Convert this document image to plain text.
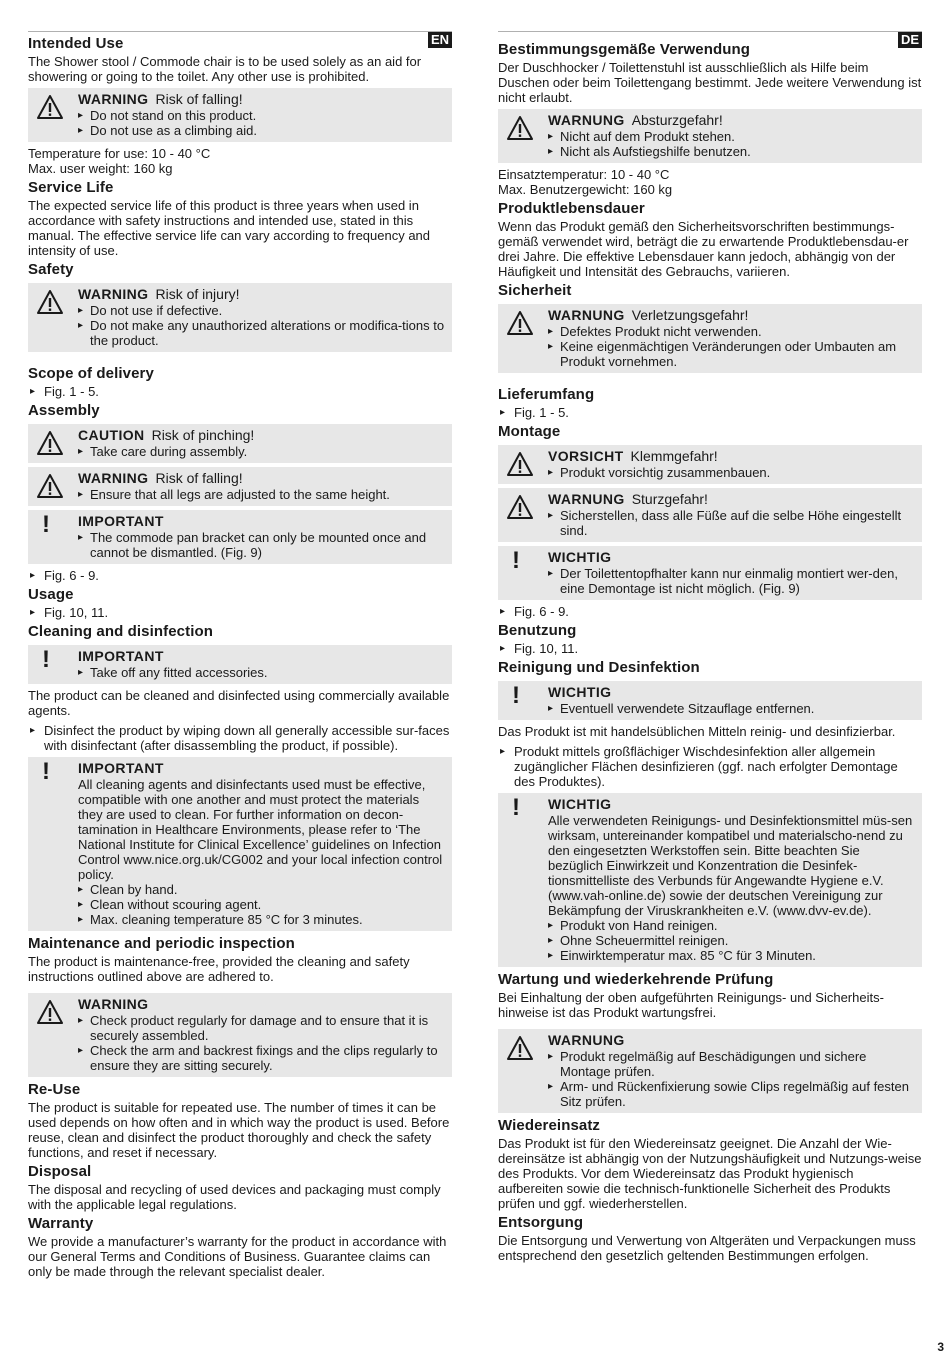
EN
Intended Use

The Shower stool / Commode chair is to be used solely as an aid for showering or going to the toilet. Any other use is prohibited.

WARNING Risk of falling!
▸ Do not stand on this product.
▸ Do not use as a climbing aid.

Temperature for use: 10 - 40 °C

Max. user weight: 160 kg

Service Life

The expected service life of this product is three years when used in accordance with safety instructions and intended use, stated in this manual. The effective service life can vary according to frequency and intensity of use.

Safety
WARNING Risk of injury!
▸ Do not use if defective.
▸ Do not make any unauthorized alterations or modifica-tions to the product.
Scope of delivery
▸ Fig. 1 - 5.
Assembly
CAUTION Risk of pinching!
▸ Take care during assembly.
WARNING Risk of falling!
▸ Ensure that all legs are adjusted to the same height.
! IMPORTANT
▸ The commode pan bracket can only be mounted once and cannot be dismantled. (Fig. 9)
▸ Fig. 6 - 9.
Usage
▸ Fig. 10, 11.
Cleaning and disinfection
! IMPORTANT
▸ Take off any fitted accessories.

The product can be cleaned and disinfected using commercially available agents.

▸ Disinfect the product by wiping down all generally accessible sur-faces with disinfectant (after disassembling the product, if possible).
! IMPORTANT

All cleaning agents and disinfectants used must be effective, compatible with one another and must protect the materials they are used to clean. For further information on decon-tamination in Healthcare Environments, please refer to ‘The National Institute for Clinical Excellence’ guidelines on Infection Control www.nice.org.uk/CG002 and your local infection control policy.

▸ Clean by hand.
▸ Clean without scouring agent.
▸ Max. cleaning temperature 85 °C for 3 minutes.
Maintenance and periodic inspection

The product is maintenance-free, provided the cleaning and safety instructions outlined above are adhered to.

WARNING
▸ Check product regularly for damage and to ensure that it is securely assembled.
▸ Check the arm and backrest fixings and the clips regularly to ensure they are sitting securely.
Re-Use

The product is suitable for repeated use. The number of times it can be used depends on how often and in which way the product is used. Before reuse, clean and disinfect the product thoroughly and check the safety functions, and reset if necessary.

Disposal

The disposal and recycling of used devices and packaging must comply with the applicable legal regulations.

Warranty

We provide a manufacturer’s warranty for the product in accordance with our General Terms and Conditions of Business. Guarantee claims can only be made through the relevant specialist dealer.

DE
Bestimmungsgemäße Verwendung

Der Duschhocker / Toilettenstuhl ist ausschließlich als Hilfe beim Duschen oder beim Toilettengang bestimmt. Jede weitere Verwendung ist nicht erlaubt.

WARNUNG Absturzgefahr!
▸ Nicht auf dem Produkt stehen.
▸ Nicht als Aufstiegshilfe benutzen.

Einsatztemperatur: 10 - 40 °C

Max. Benutzergewicht: 160 kg

Produktlebensdauer

Wenn das Produkt gemäß den Sicherheitsvorschriften bestimmungs-gemäß verwendet wird, beträgt die zu erwartende Produktlebensdau-er drei Jahre. Die effektive Lebensdauer kann jedoch, abhängig von der Häufigkeit und Intensität des Gebrauchs, variieren.

Sicherheit
WARNUNG Verletzungsgefahr!
▸ Defektes Produkt nicht verwenden.
▸ Keine eigenmächtigen Veränderungen oder Umbauten am Produkt vornehmen.
Lieferumfang
▸ Fig. 1 - 5.
Montage
VORSICHT Klemmgefahr!
▸ Produkt vorsichtig zusammenbauen.
WARNUNG Sturzgefahr!
▸ Sicherstellen, dass alle Füße auf die selbe Höhe eingestellt sind.
! WICHTIG
▸ Der Toilettentopfhalter kann nur einmalig montiert wer-den, eine Demontage ist nicht möglich. (Fig. 9)
▸ Fig. 6 - 9.
Benutzung
▸ Fig. 10, 11.
Reinigung und Desinfektion
! WICHTIG
▸ Eventuell verwendete Sitzauflage entfernen.

Das Produkt ist mit handelsüblichen Mitteln reinig- und desinfizierbar.

▸ Produkt mittels großflächiger Wischdesinfektion aller allgemein zugänglicher Flächen desinfizieren (ggf. nach erfolgter Demontage des Produktes).
! WICHTIG

Alle verwendeten Reinigungs- und Desinfektionsmittel müs-sen wirksam, untereinander kompatibel und materialscho-nend zu den eingesetzten Werkstoffen sein. Bitte beachten Sie bezüglich Einwirkzeit und Konzentration die Desinfek-tionsmittelliste des Verbunds für Angewandte Hygiene e.V. (www.vah-online.de) sowie der deutschen Vereinigung zur Bekämpfung der Viruskrankheiten e.V. (www.dvv-ev.de).

▸ Produkt von Hand reinigen.
▸ Ohne Scheuermittel reinigen.
▸ Einwirktemperatur max. 85 °C für 3 Minuten.
Wartung und wiederkehrende Prüfung

Bei Einhaltung der oben aufgeführten Reinigungs- und Sicherheits-hinweise ist das Produkt wartungsfrei.

WARNUNG
▸ Produkt regelmäßig auf Beschädigungen und sichere Montage prüfen.
▸ Arm- und Rückenfixierung sowie Clips regelmäßig auf festen Sitz prüfen.
Wiedereinsatz

Das Produkt ist für den Wiedereinsatz geeignet. Die Anzahl der Wie-dereinsätze ist abhängig von der Nutzungshäufigkeit und Nutzungs-weise des Produkts. Vor dem Wiedereinsatz das Produkt hygienisch aufbereiten sowie die technisch-funktionelle Sicherheit des Produkts prüfen und ggf. wiederherstellen.

Entsorgung

Die Entsorgung und Verwertung von Altgeräten und Verpackungen muss entsprechend den gesetzlich geltenden Bestimmungen erfolgen.

3
